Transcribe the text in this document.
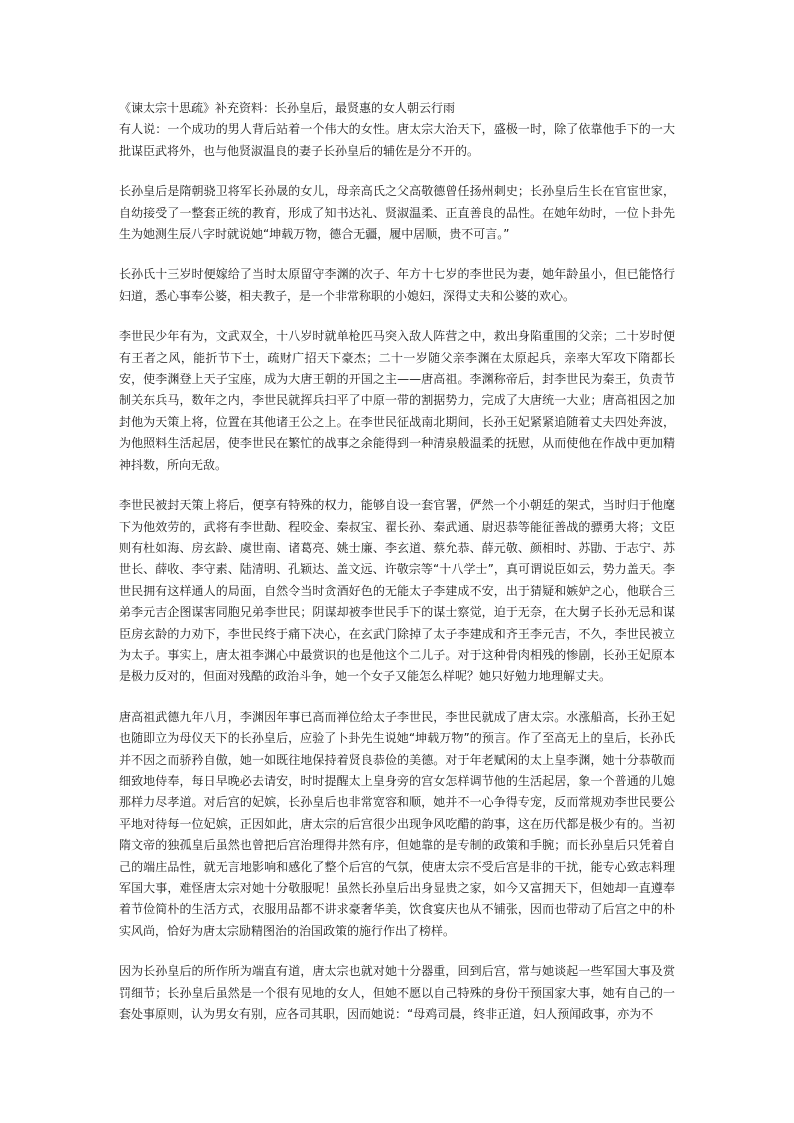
《谏太宗十思疏》补充资料：长孙皇后，最贤惠的女人朝云行雨

有人说：一个成功的男人背后站着一个伟大的女性。唐太宗大治天下，盛极一时，除了依靠他手下的一大批谋臣武将外，也与他贤淑温良的妻子长孙皇后的辅佐是分不开的。

长孙皇后是隋朝骁卫将军长孙晟的女儿，母亲高氏之父高敬德曾任扬州刺史；长孙皇后生长在官宦世家，自幼接受了一整套正统的教育，形成了知书达礼、贤淑温柔、正直善良的品性。在她年幼时，一位卜卦先生为她测生辰八字时就说她“坤载万物，德合无疆，履中居顺，贵不可言。”

长孙氏十三岁时便嫁给了当时太原留守李渊的次子、年方十七岁的李世民为妻，她年龄虽小，但已能恪行妇道，悉心事奉公婆，相夫教子，是一个非常称职的小媳妇，深得丈夫和公婆的欢心。

李世民少年有为，文武双全，十八岁时就单枪匹马突入敌人阵营之中，救出身陷重围的父亲；二十岁时便有王者之风，能折节下士，疏财广招天下豪杰；二十一岁随父亲李渊在太原起兵，亲率大军攻下隋都长安，使李渊登上天子宝座，成为大唐王朝的开国之主——唐高祖。李渊称帝后，封李世民为秦王，负责节制关东兵马，数年之内，李世民就挥兵扫平了中原一带的割据势力，完成了大唐统一大业；唐高祖因之加封他为天策上将，位置在其他诸王公之上。在李世民征战南北期间，长孙王妃紧紧追随着丈夫四处奔波，为他照料生活起居，使李世民在繁忙的战事之余能得到一种清泉般温柔的抚慰，从而使他在作战中更加精神抖数，所向无敌。

李世民被封天策上将后，便享有特殊的权力，能够自设一套官署，俨然一个小朝廷的架式，当时归于他麾下为他效劳的，武将有李世勣、程咬金、秦叔宝、翟长孙、秦武通、尉迟恭等能征善战的骠勇大将；文臣则有杜如海、房玄龄、虞世南、诸葛亮、姚士廉、李玄道、蔡允恭、薛元敬、颜相时、苏勖、于志宁、苏世长、薛收、李守素、陆清明、孔颖达、盖文远、许敬宗等“十八学士”，真可谓说臣如云，势力盖天。李世民拥有这样通人的局面，自然令当时贪酒好色的无能太子李建成不安，出于猜疑和嫉妒之心，他联合三弟李元吉企图谋害同胞兄弟李世民；阴谋却被李世民手下的谋士察觉，迫于无奈，在大舅子长孙无忌和谋臣房玄龄的力劝下，李世民终于痛下决心，在玄武门除掉了太子李建成和齐王李元吉，不久，李世民被立为太子。事实上，唐太祖李渊心中最赏识的也是他这个二儿子。对于这种骨肉相残的惨剧，长孙王妃原本是极力反对的，但面对残酷的政治斗争，她一个女子又能怎么样呢？她只好勉力地理解丈夫。

唐高祖武德九年八月，李渊因年事已高而禅位给太子李世民，李世民就成了唐太宗。水涨船高，长孙王妃也随即立为母仪天下的长孙皇后，应验了卜卦先生说她“坤载万物”的预言。作了至高无上的皇后，长孙氏并不因之而骄矜自傲，她一如既往地保持着贤良恭俭的美德。对于年老赋闲的太上皇李渊，她十分恭敬而细致地侍奉，每日早晚必去请安，时时提醒太上皇身旁的宫女怎样调节他的生活起居，象一个普通的儿媳那样力尽孝道。对后宫的妃嫔，长孙皇后也非常宽容和顺，她并不一心争得专宠，反而常规劝李世民要公平地对待每一位妃嫔，正因如此，唐太宗的后宫很少出现争风吃醋的韵事，这在历代都是极少有的。当初隋文帝的独孤皇后虽然也曾把后宫治理得井然有序，但她靠的是专制的政策和手腕；而长孙皇后只凭着自己的端庄品性，就无言地影响和感化了整个后宫的气氛，使唐太宗不受后宫是非的干扰，能专心致志料理军国大事，难怪唐太宗对她十分敬服呢！虽然长孙皇后出身显贵之家，如今又富拥天下，但她却一直遵奉着节俭简朴的生活方式，衣服用品都不讲求豪奢华美，饮食宴庆也从不铺张，因而也带动了后宫之中的朴实风尚，恰好为唐太宗励精图治的治国政策的施行作出了榜样。

因为长孙皇后的所作所为端直有道，唐太宗也就对她十分器重，回到后宫，常与她谈起一些军国大事及赏罚细节；长孙皇后虽然是一个很有见地的女人，但她不愿以自己特殊的身份干预国家大事，她有自己的一套处事原则，认为男女有别，应各司其职，因而她说：“母鸡司晨，终非正道，妇人预闻政事，亦为不
